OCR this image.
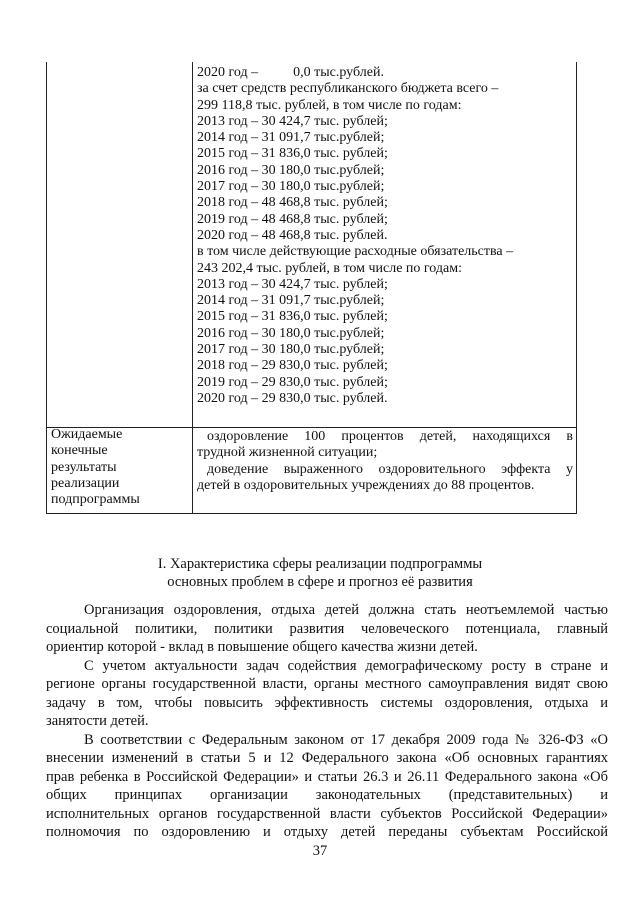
2020 год –          0,0 тыс.рублей.
за счет средств республиканского бюджета всего –
299 118,8 тыс. рублей, в том числе по годам:
2013 год – 30 424,7 тыс. рублей;
2014 год – 31 091,7 тыс.рублей;
2015 год – 31 836,0 тыс. рублей;
2016 год – 30 180,0 тыс.рублей;
2017 год – 30 180,0 тыс.рублей;
2018 год – 48 468,8 тыс. рублей;
2019 год – 48 468,8 тыс. рублей;
2020 год – 48 468,8 тыс. рублей.
в том числе действующие расходные обязательства –
243 202,4 тыс. рублей, в том числе по годам:
2013 год – 30 424,7 тыс. рублей;
2014 год – 31 091,7 тыс.рублей;
2015 год – 31 836,0 тыс. рублей;
2016 год – 30 180,0 тыс.рублей;
2017 год – 30 180,0 тыс.рублей;
2018 год – 29 830,0 тыс. рублей;
2019 год – 29 830,0 тыс. рублей;
2020 год – 29 830,0 тыс. рублей.
Ожидаемые
конечные
результаты
реализации
подпрограммы
оздоровление 100 процентов детей, находящихся в
трудной жизненной ситуации;
доведение выраженного оздоровительного эффекта у
детей в оздоровительных учреждениях до 88 процентов.
I. Характеристика сферы реализации подпрограммы
основных проблем в сфере и прогноз её развития
Организация оздоровления, отдыха детей должна стать неотъемлемой частью
социальной политики, политики развития человеческого потенциала, главный
ориентир которой - вклад в повышение общего качества жизни детей.
С учетом актуальности задач содействия демографическому росту в стране и
регионе органы государственной власти, органы местного самоуправления видят свою
задачу в том, чтобы повысить эффективность системы оздоровления, отдыха и
занятости детей.
В соответствии с Федеральным законом от 17 декабря 2009 года № 326-ФЗ «О
внесении изменений в статьи 5 и 12 Федерального закона «Об основных гарантиях
прав ребенка в Российской Федерации» и статьи 26.3 и 26.11 Федерального закона «Об
общих принципах организации законодательных (представительных) и
исполнительных органов государственной власти субъектов Российской Федерации»
полномочия по оздоровлению и отдыху детей переданы субъектам Российской
37
